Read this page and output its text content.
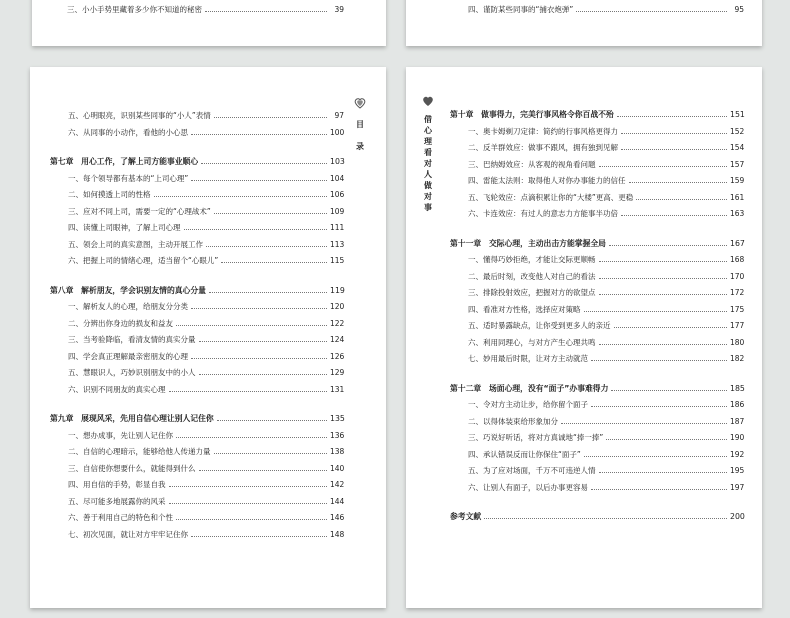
三、小小手势里藏着多少你不知道的秘密	39	四、谨防某些同事的“捕衣炮弹”	95
目
录
五、心明眼亮，识别某些同事的“小人”表情	97
六、从同事的小动作，看他的小心思	100
第七章　用心工作，了解上司方能事业顺心	103
一、每个领导都有基本的“上司心理”	104
二、如何摸透上司的性格	106
三、应对不同上司，需要一定的“心理战术”	109
四、读懂上司眼神，了解上司心理	111
五、领会上司的真实意图，主动开展工作	113
六、把握上司的情绪心理，适当留个“心眼儿”	115
第八章　解析朋友，学会识别友情的真心分量	119
一、解析友人的心理，给朋友分分类	120
二、分辨出你身边的损友和益友	122
三、当考验降临，看清友情的真实分量	124
四、学会真正理解最亲密朋友的心理	126
五、慧眼识人，巧妙识别朋友中的小人	129
六、识别不同朋友的真实心理	131
第九章　展现风采，先用自信心理让别人记住你	135
一、想办成事，先让别人记住你	136
二、自信的心理暗示，能够给他人传递力量	138
三、自信使你想要什么，就能得到什么	140
四、用自信的手势，彰显自我	142
五、尽可能多地展露你的风采	144
六、善于利用自己的特色和个性	146
七、初次见面，就让对方牢牢记住你	148
借
心
理
看
对
人
做
对
事
第十章　做事得力，完美行事风格令你百战不殆	151
一、奥卡姆剃刀定律：简约的行事风格更得力	152
二、反羊群效应：做事不跟风，拥有独到见解	154
三、巴纳姆效应：从客观的视角看问题	157
四、雷能太法则：取得他人对你办事能力的信任	159
五、飞轮效应：点滴积累让你的“大楼”更高、更稳	161
六、卡连效应：有过人的意志力方能事半功倍	163
第十一章　交际心理，主动出击方能掌握全局	167
一、懂得巧妙拒绝，才能让交际更顺畅	168
二、最后时刻，改变他人对自己的看法	170
三、排除投射效应，把握对方的欲望点	172
四、看准对方性格，选择应对策略	175
五、适时暴露缺点，让你受到更多人的亲近	177
六、利用同理心，与对方产生心理共鸣	180
七、妙用最后时限，让对方主动就范	182
第十二章　场面心理，没有“面子”办事难得力	185
一、令对方主动让步，给你留个面子	186
二、以得体装束给形象加分	187
三、巧说好听话，将对方真诚地“捧一捧”	190
四、承认错误反而让你保住“面子”	192
五、为了应对场面，千万不可违逆人情	195
六、让别人有面子，以后办事更容易	197
参考文献	200
